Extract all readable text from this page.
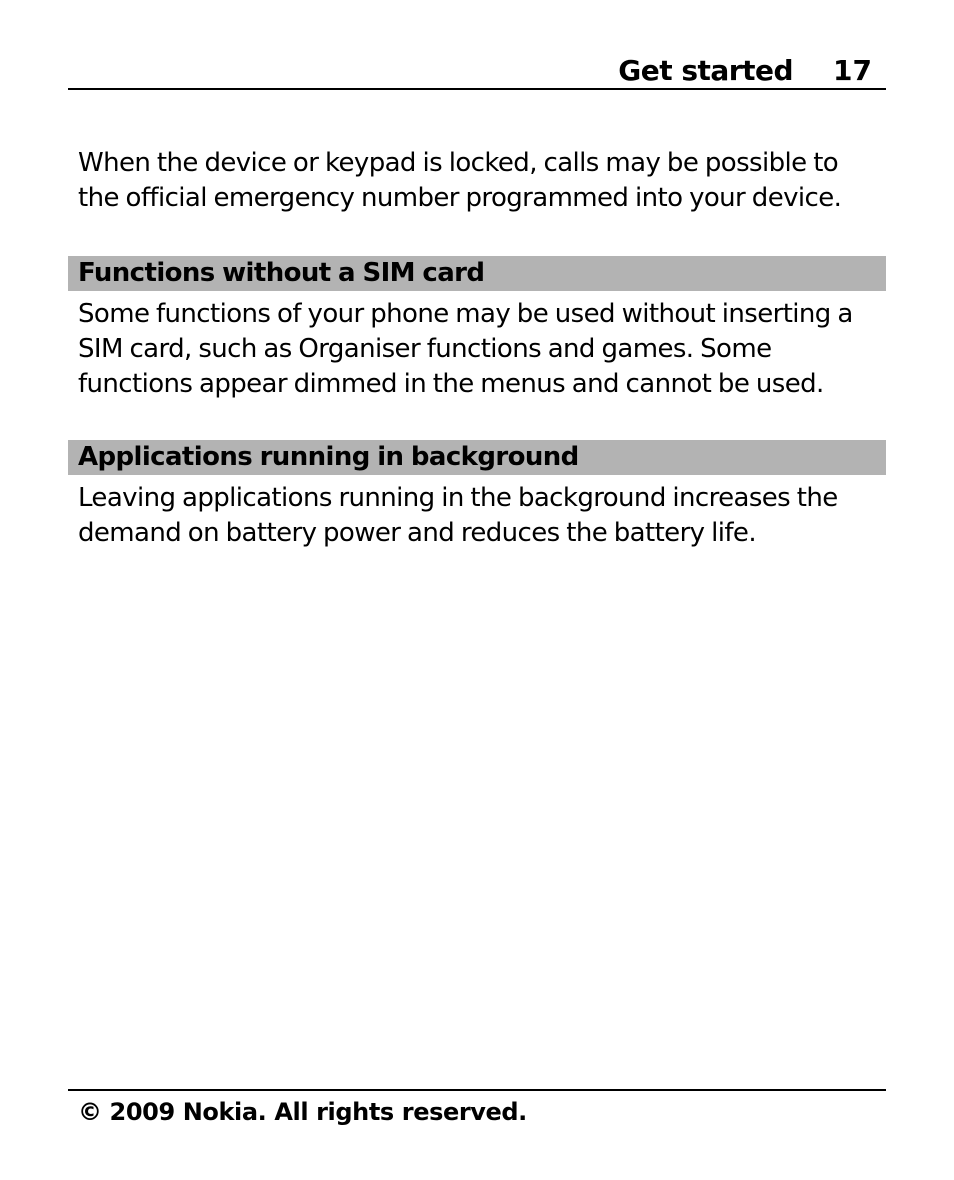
Get started 17

When the device or keypad is locked, calls may be possible to the official emergency number programmed into your device.

Functions without a SIM card

Some functions of your phone may be used without inserting a SIM card, such as Organiser functions and games. Some functions appear dimmed in the menus and cannot be used.

Applications running in background

Leaving applications running in the background increases the demand on battery power and reduces the battery life.

© 2009 Nokia. All rights reserved.
